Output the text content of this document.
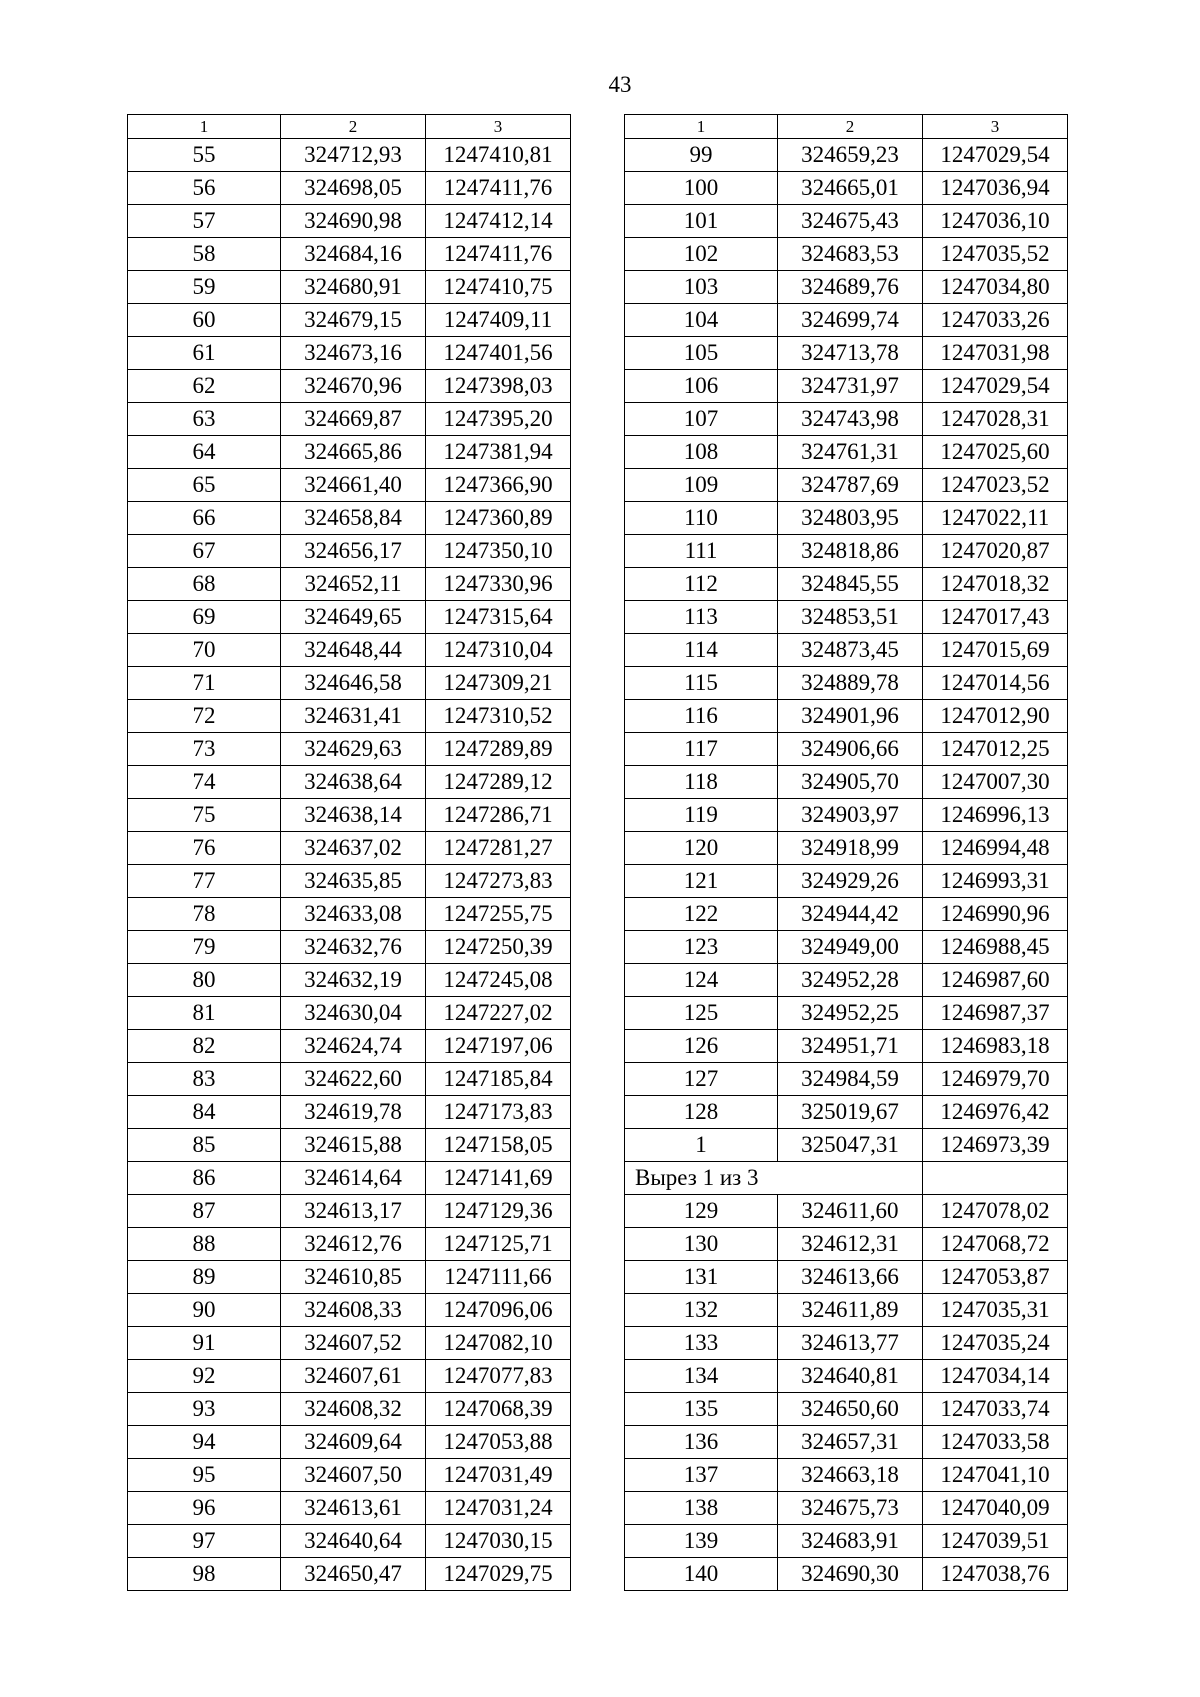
43
1	2	3
55	324712,93	1247410,81
56	324698,05	1247411,76
57	324690,98	1247412,14
58	324684,16	1247411,76
59	324680,91	1247410,75
60	324679,15	1247409,11
61	324673,16	1247401,56
62	324670,96	1247398,03
63	324669,87	1247395,20
64	324665,86	1247381,94
65	324661,40	1247366,90
66	324658,84	1247360,89
67	324656,17	1247350,10
68	324652,11	1247330,96
69	324649,65	1247315,64
70	324648,44	1247310,04
71	324646,58	1247309,21
72	324631,41	1247310,52
73	324629,63	1247289,89
74	324638,64	1247289,12
75	324638,14	1247286,71
76	324637,02	1247281,27
77	324635,85	1247273,83
78	324633,08	1247255,75
79	324632,76	1247250,39
80	324632,19	1247245,08
81	324630,04	1247227,02
82	324624,74	1247197,06
83	324622,60	1247185,84
84	324619,78	1247173,83
85	324615,88	1247158,05
86	324614,64	1247141,69
87	324613,17	1247129,36
88	324612,76	1247125,71
89	324610,85	1247111,66
90	324608,33	1247096,06
91	324607,52	1247082,10
92	324607,61	1247077,83
93	324608,32	1247068,39
94	324609,64	1247053,88
95	324607,50	1247031,49
96	324613,61	1247031,24
97	324640,64	1247030,15
98	324650,47	1247029,75
1	2	3
99	324659,23	1247029,54
100	324665,01	1247036,94
101	324675,43	1247036,10
102	324683,53	1247035,52
103	324689,76	1247034,80
104	324699,74	1247033,26
105	324713,78	1247031,98
106	324731,97	1247029,54
107	324743,98	1247028,31
108	324761,31	1247025,60
109	324787,69	1247023,52
110	324803,95	1247022,11
111	324818,86	1247020,87
112	324845,55	1247018,32
113	324853,51	1247017,43
114	324873,45	1247015,69
115	324889,78	1247014,56
116	324901,96	1247012,90
117	324906,66	1247012,25
118	324905,70	1247007,30
119	324903,97	1246996,13
120	324918,99	1246994,48
121	324929,26	1246993,31
122	324944,42	1246990,96
123	324949,00	1246988,45
124	324952,28	1246987,60
125	324952,25	1246987,37
126	324951,71	1246983,18
127	324984,59	1246979,70
128	325019,67	1246976,42
1	325047,31	1246973,39
Вырез 1 из 3		
129	324611,60	1247078,02
130	324612,31	1247068,72
131	324613,66	1247053,87
132	324611,89	1247035,31
133	324613,77	1247035,24
134	324640,81	1247034,14
135	324650,60	1247033,74
136	324657,31	1247033,58
137	324663,18	1247041,10
138	324675,73	1247040,09
139	324683,91	1247039,51
140	324690,30	1247038,76
